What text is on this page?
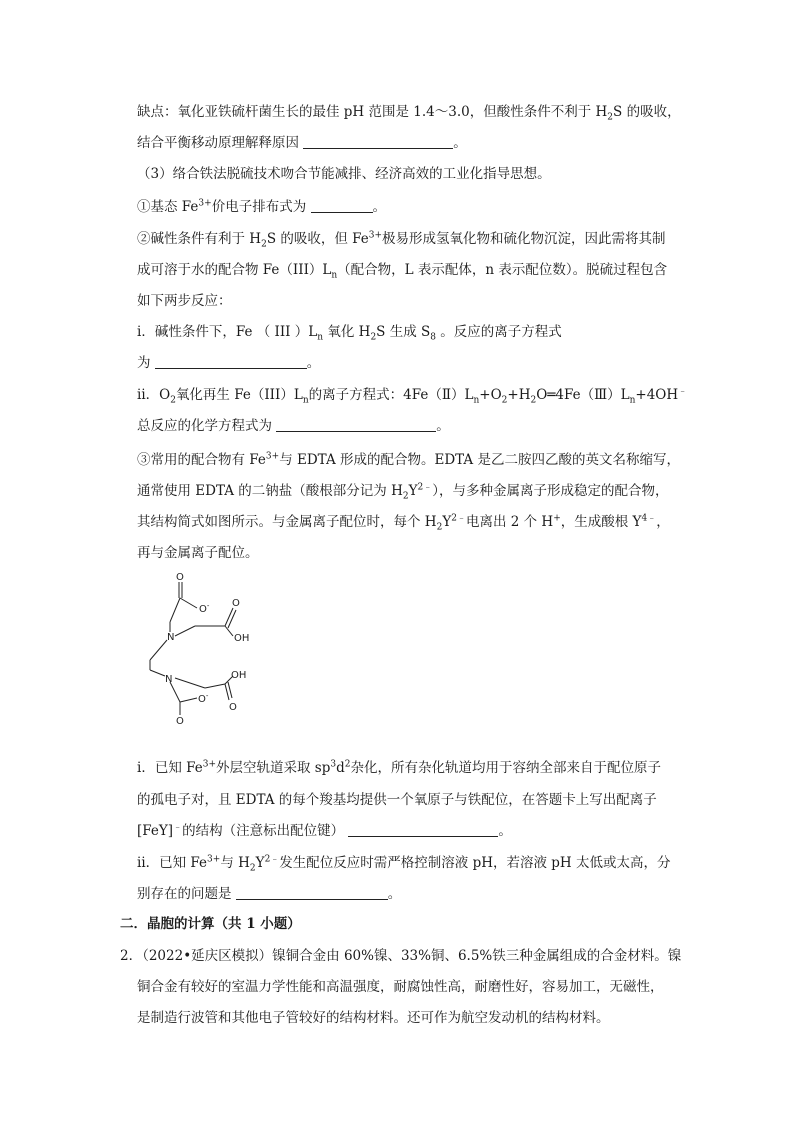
缺点：氧化亚铁硫杆菌生长的最佳 pH 范围是 1.4～3.0，但酸性条件不利于 $H_2S$ 的吸收，
结合平衡移动原理解释原因	。
（3）络合铁法脱硫技术吻合节能减排、经济高效的工业化指导思想。
①基态 $Fe^{3+}$价电子排布式为	。
②碱性条件有利于 $H_2S$ 的吸收，但 $Fe^{3+}$极易形成氢氧化物和硫化物沉淀，因此需将其制
成可溶于水的配合物 $Fe(III)L_n$（配合物，L 表示配体，n 表示配位数）。脱硫过程包含
如下两步反应：
ⅰ．碱性条件下，Fe （ III ）$L_n$ 氧化 $H_2S$ 生成 $S_8$ 。反应的离子方程式
为	。
ⅱ．$O_2$氧化再生 $Fe(III)L_n$的离子方程式：$4Fe(Ⅱ)L_n+O_2+H_2O═4Fe(Ⅲ)L_n+4OH^﹣$
总反应的化学方程式为	。
③常用的配合物有 $Fe^{3+}$与 EDTA 形成的配合物。EDTA 是乙二胺四乙酸的英文名称缩写，
通常使用 EDTA 的二钠盐（酸根部分记为 $H_2Y^{2﹣}$），与多种金属离子形成稳定的配合物，
其结构简式如图所示。与金属离子配位时，每个 $H_2Y^{2﹣}$电离出 2 个 H+，生成酸根 $Y^{4﹣}$，
再与金属离子配位。
O
O- O
OH
N
N	OH
O
O-
O
ⅰ．已知 $Fe^{3+}$外层空轨道采取 $sp^3d^2$杂化，所有杂化轨道均用于容纳全部来自于配位原子
的孤电子对，且 EDTA 的每个羧基均提供一个氧原子与铁配位，在答题卡上写出配离子
[FeY]﹣的结构（注意标出配位键）	。
ⅱ．已知 $Fe^{3+}$与 $H_2Y^{2﹣}$发生配位反应时需严格控制溶液 pH，若溶液 pH 太低或太高，分
别存在的问题是	。
二．晶胞的计算（共 1 小题）
2．（2022•延庆区模拟）镍铜合金由 60%镍、33%铜、6.5%铁三种金属组成的合金材料。镍
铜合金有较好的室温力学性能和高温强度，耐腐蚀性高，耐磨性好，容易加工，无磁性，
是制造行波管和其他电子管较好的结构材料。还可作为航空发动机的结构材料。
